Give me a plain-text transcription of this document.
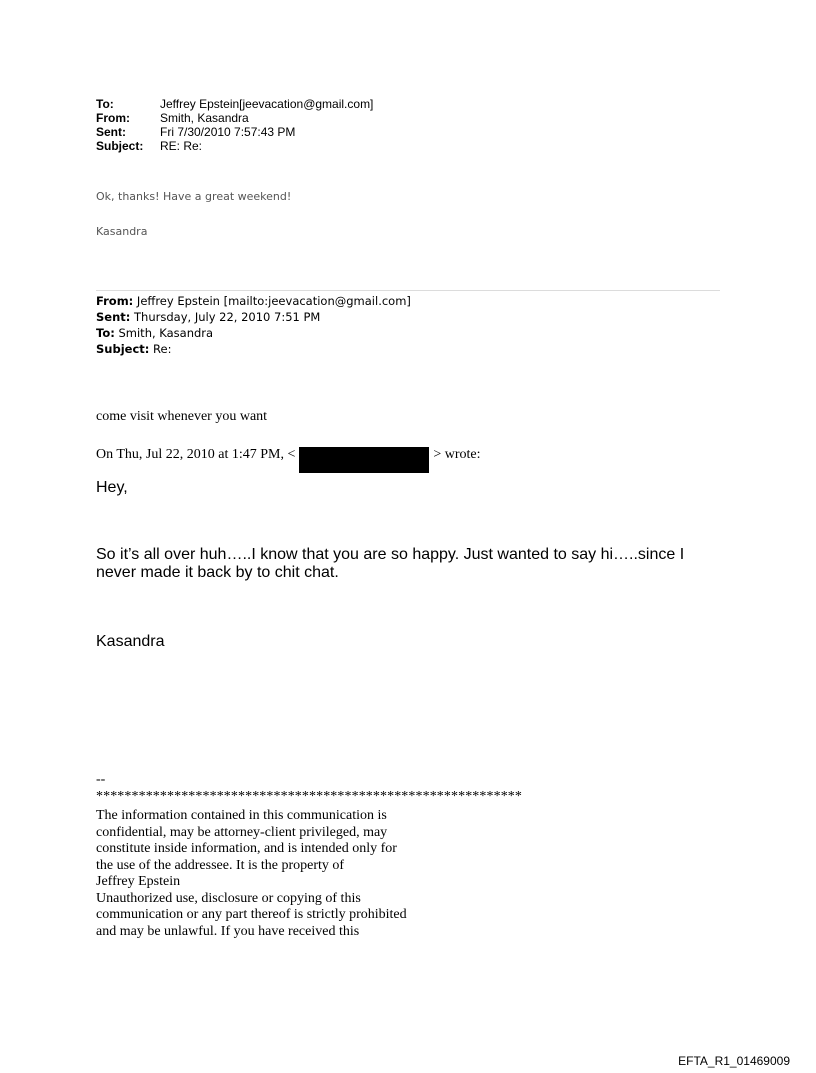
To:	Jeffrey Epstein[jeevacation@gmail.com]
From:	Smith, Kasandra
Sent:	Fri 7/30/2010 7:57:43 PM
Subject:	RE: Re:
Ok, thanks! Have a great weekend!
Kasandra
From: Jeffrey Epstein [mailto:jeevacation@gmail.com]
Sent: Thursday, July 22, 2010 7:51 PM
To: Smith, Kasandra
Subject: Re:
come visit whenever you want
On Thu, Jul 22, 2010 at 1:47 PM, <	> wrote:
Hey,
So it’s all over huh…..I know that you are so happy. Just wanted to say hi…..since I
never made it back by to chit chat.
Kasandra
--
************************************************************
The information contained in this communication is
confidential, may be attorney-client privileged, may
constitute inside information, and is intended only for
the use of the addressee. It is the property of
Jeffrey Epstein
Unauthorized use, disclosure or copying of this
communication or any part thereof is strictly prohibited
and may be unlawful. If you have received this
EFTA_R1_01469009
